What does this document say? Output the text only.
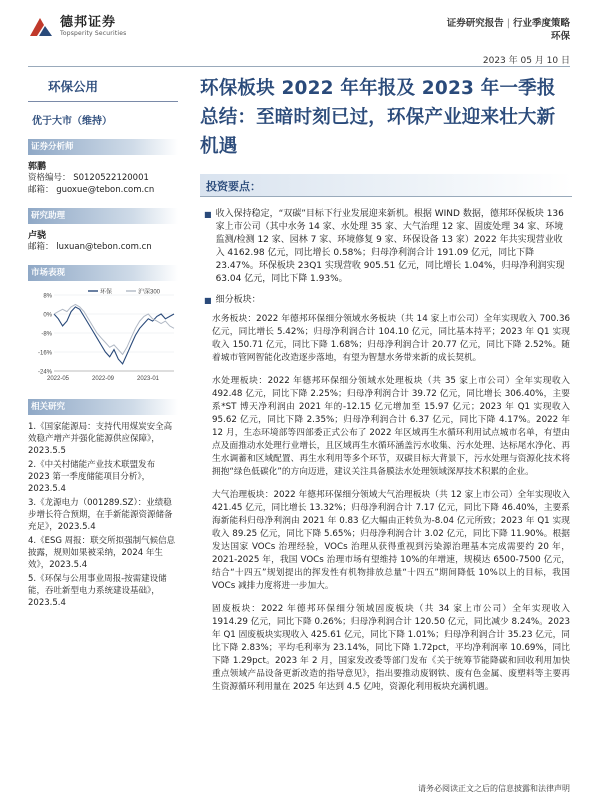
德邦证券
Topsperity Securities
证券研究报告 | 行业季度策略
环保
2023 年 05 月 10 日
环保公用
优于大市（维持）
证券分析师
郭鹏
资格编号： S0120522120001
邮箱： guoxue@tebon.com.cn
研究助理
卢骁
邮箱： luxuan@tebon.com.cn
市场表现
8%
0%
-8%
-16%
-24%
2022-05	2022-09	2023-01
环保	沪深300
相关研究
1.《国家能源局：支持代用煤炭安全高效稳产增产并强化能源供应保障》，2023.5.5
2.《中关村储能产业技术联盟发布 2023 第一季度储能项目分析》，2023.5.4
3.《龙源电力（001289.SZ）：业绩稳步增长符合预期，在手新能源资源储备充足》，2023.5.4
4.《ESG 周报：联交所拟强制气候信息披露，规则如果被采纳，2024 年生效》，2023.5.4
5.《环保与公用事业周报-按需建设储能，吞吐新型电力系统建设基础》，2023.5.4
环保板块 2022 年年报及 2023 年一季报总结：至暗时刻已过，环保产业迎来壮大新机遇
投资要点：
■ 收入保持稳定，“双碳”目标下行业发展迎来新机。根据 WIND 数据，德邦环保板块 136 家上市公司（其中水务 14 家、水处理 35 家、大气治理 12 家、固废处理 34 家、环境监测/检测 12 家、园林 7 家、环境修复 9 家、环保设备 13 家）2022 年共实现营业收入 4162.98 亿元，同比增长 0.58%；归母净利润合计 191.09 亿元，同比下降 23.47%。环保板块 23Q1 实现营收 905.51 亿元，同比增长 1.04%，归母净利润实现 63.04 亿元，同比下降 1.93%。
■ 细分板块：

水务板块：2022 年德邦环保细分领域水务板块（共 14 家上市公司）全年实现收入 700.36 亿元，同比增长 5.42%；归母净利润合计 104.10 亿元，同比基本持平；2023 年 Q1 实现收入 150.71 亿元，同比下降 1.68%；归母净利润合计 20.77 亿元，同比下降 2.52%。随着城市管网智能化改造逐步落地，有望为智慧水务带来新的成长契机。

水处理板块：2022 年德邦环保细分领域水处理板块（共 35 家上市公司）全年实现收入 492.48 亿元，同比下降 2.25%；归母净利润合计 39.72 亿元，同比增长 306.40%，主要系*ST 博天净利润由 2021 年的-12.15 亿元增加至 15.97 亿元；2023 年 Q1 实现收入 95.62 亿元，同比下降 2.35%；归母净利润合计 6.37 亿元，同比下降 4.17%。2022 年 12 月，生态环境部等四部委正式公布了 2022 年区域再生水循环利用试点城市名单，有望由点及面推动水处理行业增长，且区域再生水循环涵盖污水收集、污水处理、达标尾水净化、再生水调蓄和区域配置、再生水利用等多个环节，双碳目标大背景下，污水处理与资源化技术将拥抱“绿色低碳化”的方向迈进，建议关注具备膜法水处理领域深厚技术积累的企业。

大气治理板块：2022 年德邦环保细分领域大气治理板块（共 12 家上市公司）全年实现收入 421.45 亿元，同比增长 13.32%；归母净利润合计 7.17 亿元，同比下降 46.40%，主要系海新能科归母净利润由 2021 年 0.83 亿大幅由正转负为-8.04 亿元所致；2023 年 Q1 实现收入 89.25 亿元，同比下降 5.65%；归母净利润合计 3.02 亿元，同比下降 11.90%。根据发达国家 VOCs 治理经验，VOCs 治理从获得重视到污染源治理基本完成需要约 20 年，2021-2025 年，我国 VOCs 治理市场有望维持 10%的年增速，规模达 6500-7500 亿元，结合“十四五”规划提出的挥发性有机物排放总量“十四五”期间降低 10%以上的目标，我国 VOCs 减排力度将进一步加大。

固废板块：2022 年德邦环保细分领域固废板块（共 34 家上市公司）全年实现收入 1914.29 亿元，同比下降 0.26%；归母净利润合计 120.50 亿元，同比减少 8.24%。2023 年 Q1 固废板块实现收入 425.61 亿元，同比下降 1.01%；归母净利润合计 35.23 亿元，同比下降 2.83%；平均毛利率为 23.14%，同比下降 1.72pct，平均净利润率 10.69%，同比下降 1.29pct。2023 年 2 月，国家发改委等部门发布《关于统筹节能降碳和回收利用加快重点领域产品设备更新改造的指导意见》，指出要推动废钢铁、废有色金属、废塑料等主要再生资源循环利用量在 2025 年达到 4.5 亿吨，资源化利用板块充满机遇。

请务必阅读正文之后的信息披露和法律声明
